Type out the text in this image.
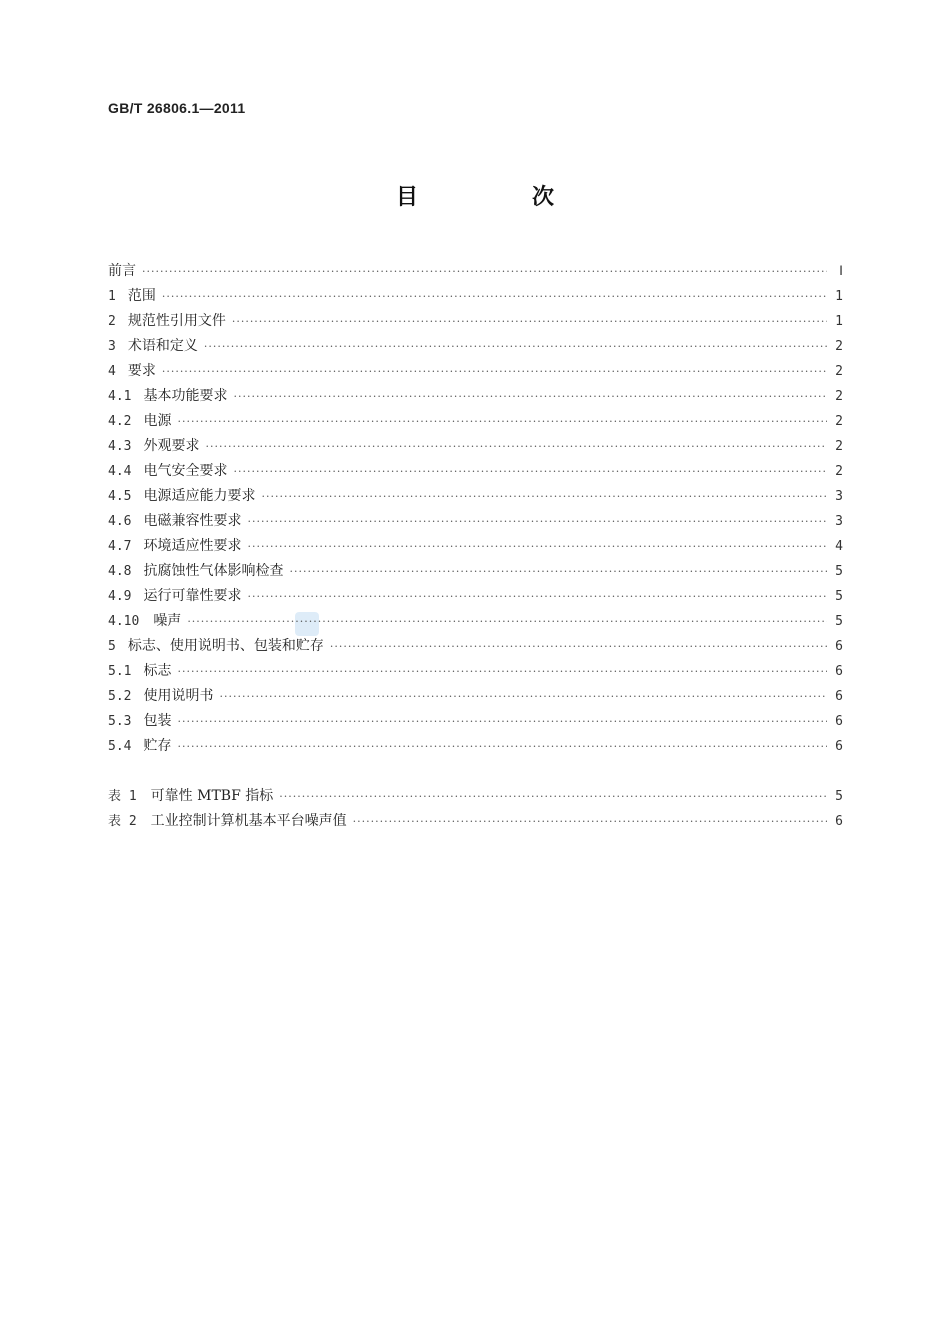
GB/T 26806.1—2011
目　次
前言 ·····	Ⅰ
1 范围 ·····	1
2 规范性引用文件 ·····	1
3 术语和定义 ·····	2
4 要求 ·····	2
4.1 基本功能要求 ·····	2
4.2 电源 ·····	2
4.3 外观要求 ·····	2
4.4 电气安全要求 ·····	2
4.5 电源适应能力要求 ·····	3
4.6 电磁兼容性要求 ·····	3
4.7 环境适应性要求 ·····	4
4.8 抗腐蚀性气体影响检查 ·····	5
4.9 运行可靠性要求 ·····	5
4.10 噪声 ·····	5
5 标志、使用说明书、包装和贮存 ·····	6
5.1 标志 ·····	6
5.2 使用说明书 ·····	6
5.3 包装 ·····	6
5.4 贮存 ·····	6
表 1 可靠性 MTBF 指标 ·····	5
表 2 工业控制计算机基本平台噪声值 ·····	6
